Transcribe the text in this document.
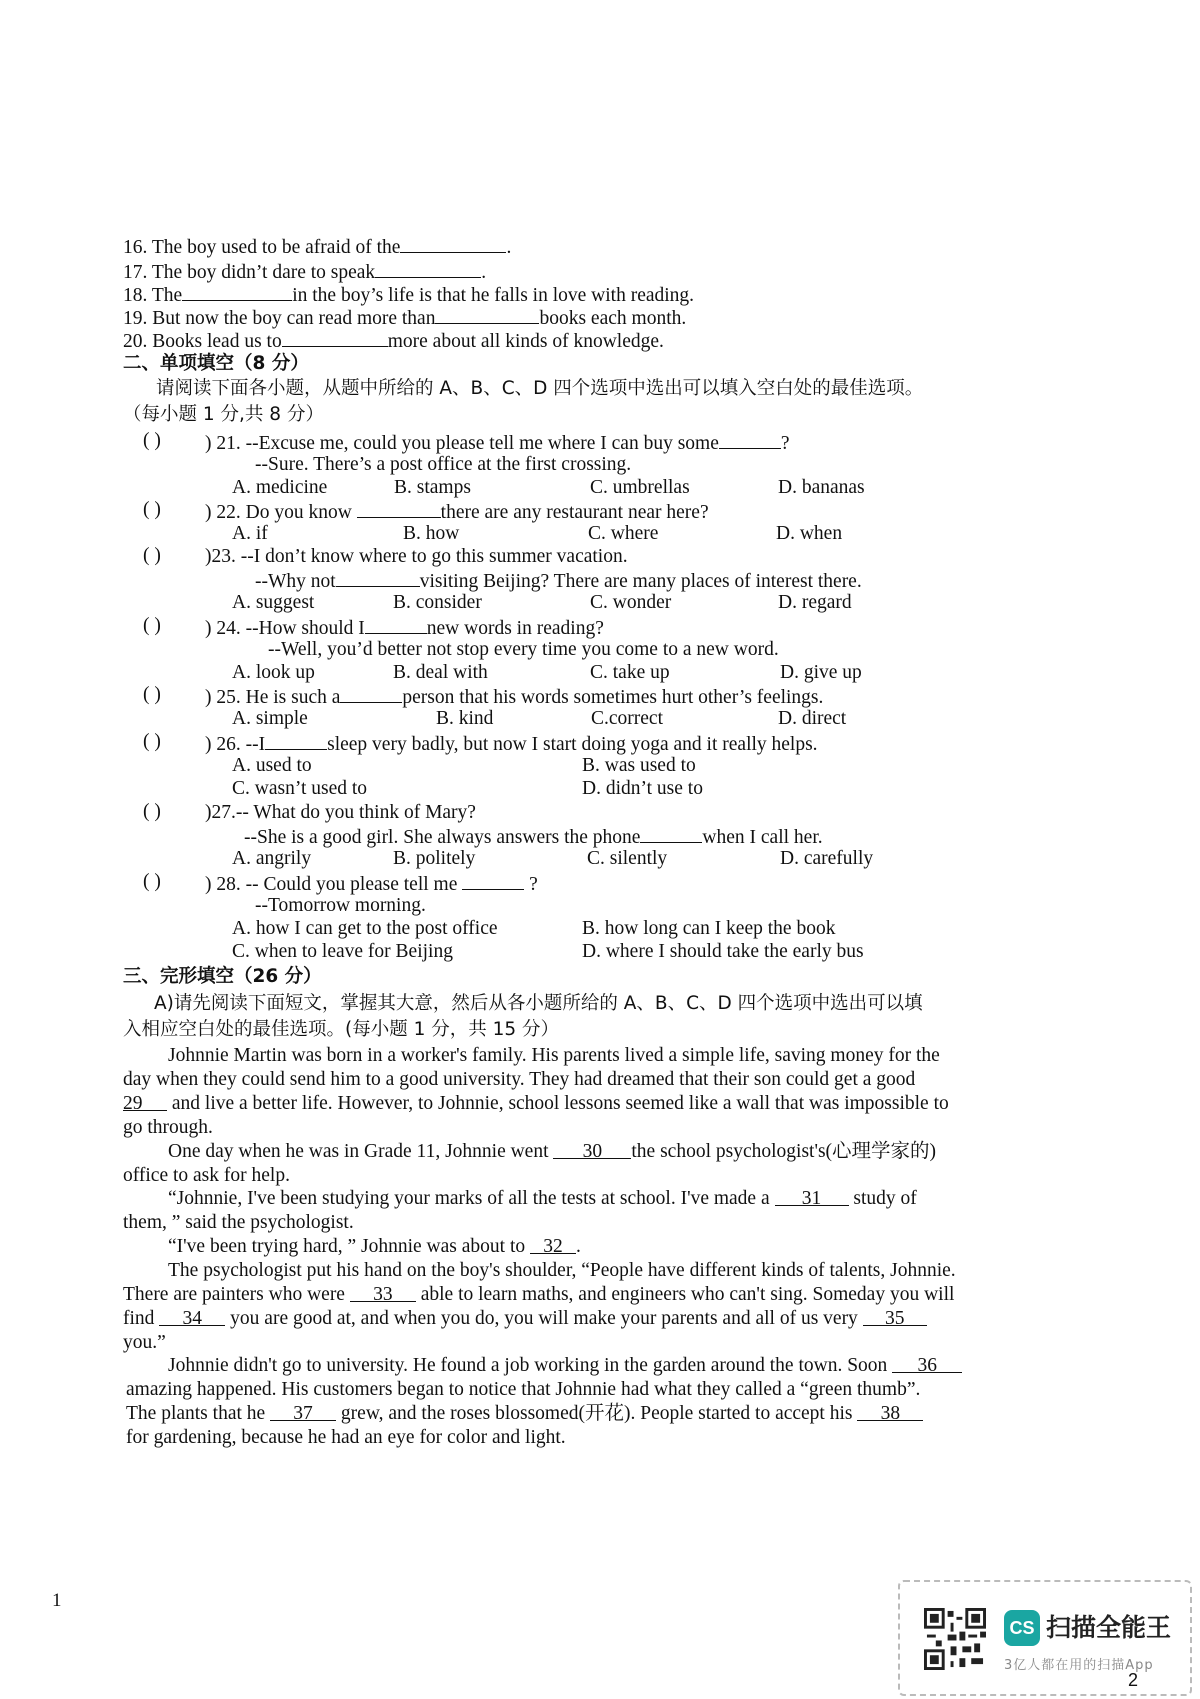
16. The boy used to be afraid of the	.
17. The boy didn’t dare to speak	.
18. The	in the boy’s life is that he falls in love with reading.
19. But now the boy can read more than	books each month.
20. Books lead us to	more about all kinds of knowledge.
二、单项填空（8 分）
请阅读下面各小题，从题中所给的 A、B、C、D 四个选项中选出可以填入空白处的最佳选项。
（每小题 1 分,共 8 分）
( ) ) 21. --Excuse me, could you please tell me where I can buy some	?
--Sure. There’s a post office at the first crossing.
A. medicine	B. stamps	C. umbrellas	D. bananas
( ) ) 22. Do you know	there are any restaurant near here?
A. if	B. how	C. where	D. when
( ) )23. --I don’t know where to go this summer vacation.
--Why not	visiting Beijing? There are many places of interest there.
A. suggest	B. consider	C. wonder	D. regard
( ) ) 24. --How should I	new words in reading?
--Well, you’d better not stop every time you come to a new word.
A. look up	B. deal with	C. take up	D. give up
( ) ) 25. He is such a	person that his words sometimes hurt other’s feelings.
A. simple	B. kind	C.correct	D. direct
( ) ) 26. --I	sleep very badly, but now I start doing yoga and it really helps.
A. used to	B. was used to
C. wasn’t used to	D. didn’t use to
( ) )27.-- What do you think of Mary?
--She is a good girl. She always answers the phone	when I call her.
A. angrily	B. politely	C. silently	D. carefully
( ) ) 28. -- Could you please tell me	?
--Tomorrow morning.
A. how I can get to the post office	B. how long can I keep the book
C. when to leave for Beijing	D. where I should take the early bus
三、完形填空（26 分）
A)请先阅读下面短文，掌握其大意，然后从各小题所给的 A、B、C、D 四个选项中选出可以填
入相应空白处的最佳选项。(每小题 1 分，共 15 分）
Johnnie Martin was born in a worker's family. His parents lived a simple life, saving money for the
day when they could send him to a good university. They had dreamed that their son could get a good
29 and live a better life. However, to Johnnie, school lessons seemed like a wall that was impossible to
go through.
One day when he was in Grade 11, Johnnie went 30 the school psychologist's(心理学家的)
office to ask for help.
“Johnnie, I've been studying your marks of all the tests at school. I've made a 31 study of
them, ” said the psychologist.
“I've been trying hard, ” Johnnie was about to 32 .
The psychologist put his hand on the boy's shoulder, “People have different kinds of talents, Johnnie.
There are painters who were 33 able to learn maths, and engineers who can't sing. Someday you will
find 34 you are good at, and when you do, you will make your parents and all of us very 35
you.”
Johnnie didn't go to university. He found a job working in the garden around the town. Soon 36
amazing happened. His customers began to notice that Johnnie had what they called a “green thumb”.
The plants that he 37 grew, and the roses blossomed(开花). People started to accept his 38
for gardening, because he had an eye for color and light.
1
CS 扫描全能王
3亿人都在用的扫描App
2
